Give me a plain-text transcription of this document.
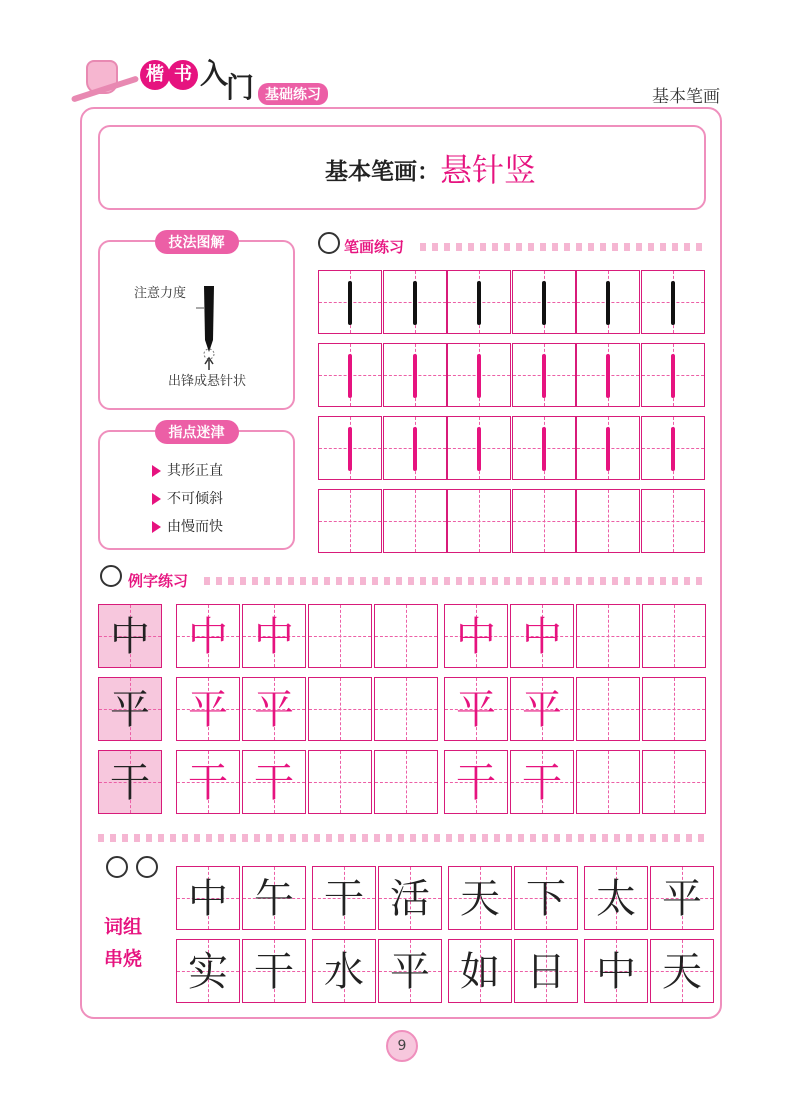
楷 书 入
门 基础练习	基本笔画
基本笔画： 悬针竖
技法图解
注意力度
出锋成悬针状
指点迷津
其形正直
不可倾斜
由慢而快
笔画练习
例字练习
中 中 中	中 中
平 平 平	平 平
干 干 干	干 干
词组
串烧
中 午 干 活 天 下 太 平
实 干 水 平 如 日 中 天
9
